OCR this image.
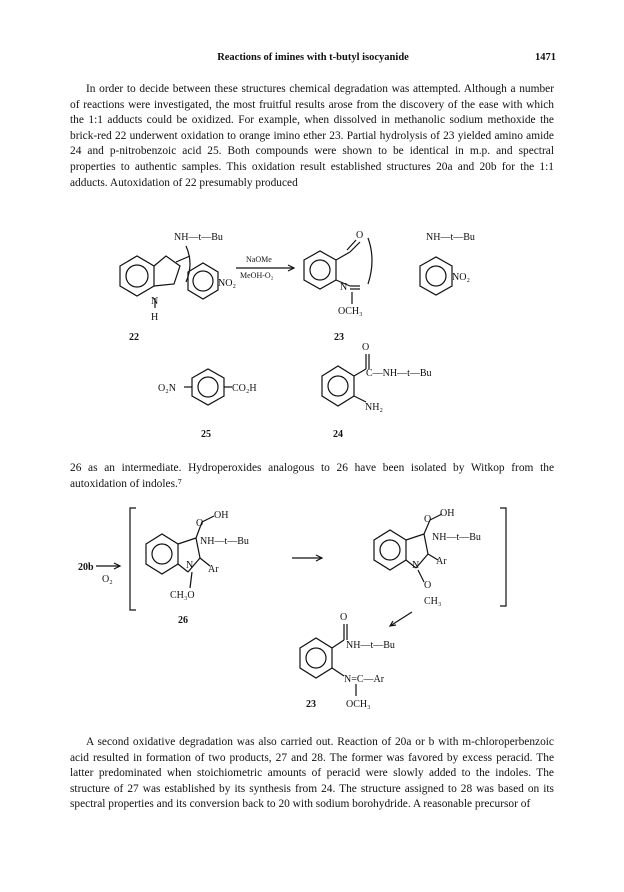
Reactions of imines with t-butyl isocyanide	1471

In order to decide between these structures chemical degradation was attempted. Although a number of reactions were investigated, the most fruitful results arose from the discovery of the ease with which the 1:1 adducts could be oxidized. For example, when dissolved in methanolic sodium methoxide the brick-red 22 underwent oxidation to orange imino ether 23. Partial hydrolysis of 23 yielded amino amide 24 and p-nitrobenzoic acid 25. Both compounds were shown to be identical in m.p. and spectral properties to authentic samples. This oxidation result established structures 20a and 20b for the 1:1 adducts. Autoxidation of 22 presumably produced

NH—t—Bu
N
H
NO₂
NaOMe
MeOH-O₂
O
N
OCH₃
NH—t—Bu
NO₂
22	23
O₂N	CO₂H
25
O
C—NH—t—Bu
NH₂
24

26 as an intermediate. Hydroperoxides analogous to 26 have been isolated by Witkop from the autoxidation of indoles.⁷

20b
O₂
OH
O
NH—t—Bu
Ar
N
CH₃O
26
OH
O
NH—t—Bu
Ar
N
O
CH₃
O
NH—t—Bu
N=C—Ar
OCH₃
23

A second oxidative degradation was also carried out. Reaction of 20a or b with m-chloroperbenzoic acid resulted in formation of two products, 27 and 28. The former was favored by excess peracid. The latter predominated when stoichiometric amounts of peracid were slowly added to the indoles. The structure of 27 was established by its synthesis from 24. The structure assigned to 28 was based on its spectral properties and its conversion back to 20 with sodium borohydride. A reasonable precursor of
